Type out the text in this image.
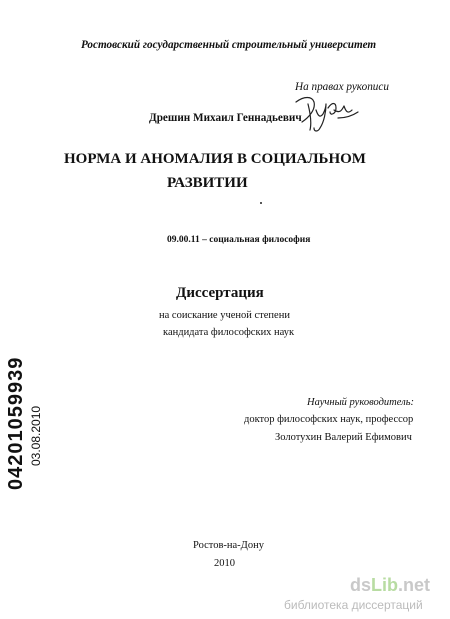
Ростовский государственный строительный университет
На правах рукописи
Дрешин Михаил Геннадьевич
НОРМА И АНОМАЛИЯ В СОЦИАЛЬНОМ
РАЗВИТИИ
09.00.11 – социальная философия
Диссертация
на соискание ученой степени
кандидата философских наук
Научный руководитель:
доктор философских наук, профессор
Золотухин Валерий Ефимович
Ростов-на-Дону
2010
04201059939 03.08.2010
dsLib.net
библиотека диссертаций
